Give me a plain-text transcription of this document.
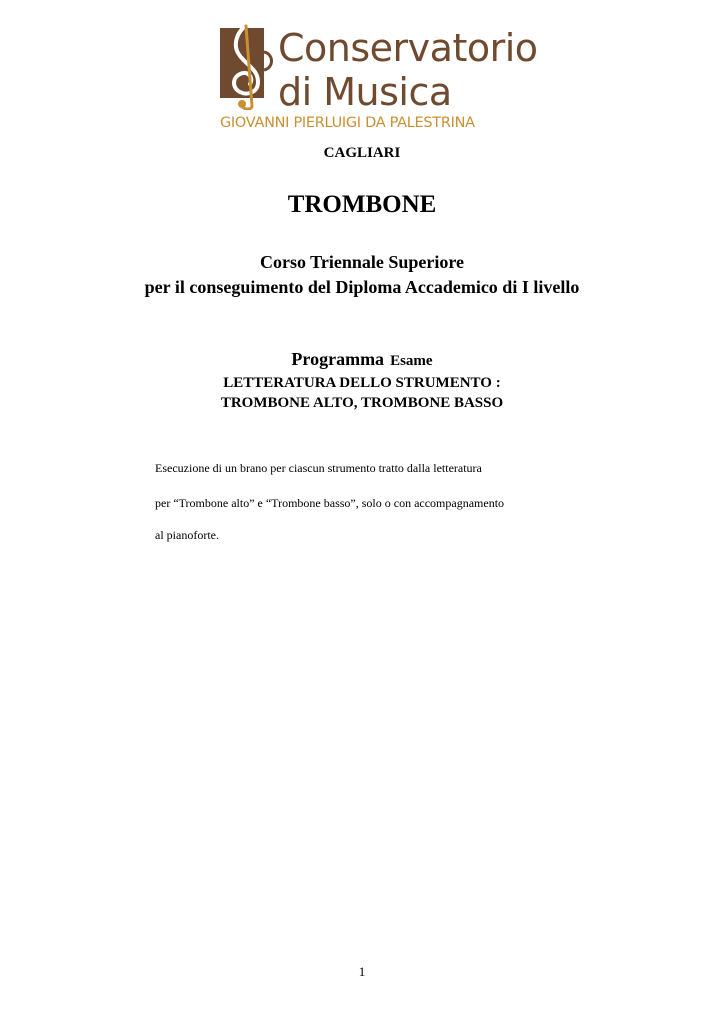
Conservatorio
di Musica
GIOVANNI PIERLUIGI DA PALESTRINA
CAGLIARI
TROMBONE
Corso Triennale Superiore
per il conseguimento del Diploma Accademico di I livello
Programma Esame
LETTERATURA DELLO STRUMENTO :
TROMBONE ALTO, TROMBONE BASSO
Esecuzione di un brano per ciascun strumento tratto dalla letteratura
per “Trombone alto” e “Trombone basso”, solo o con accompagnamento
al pianoforte.
1
